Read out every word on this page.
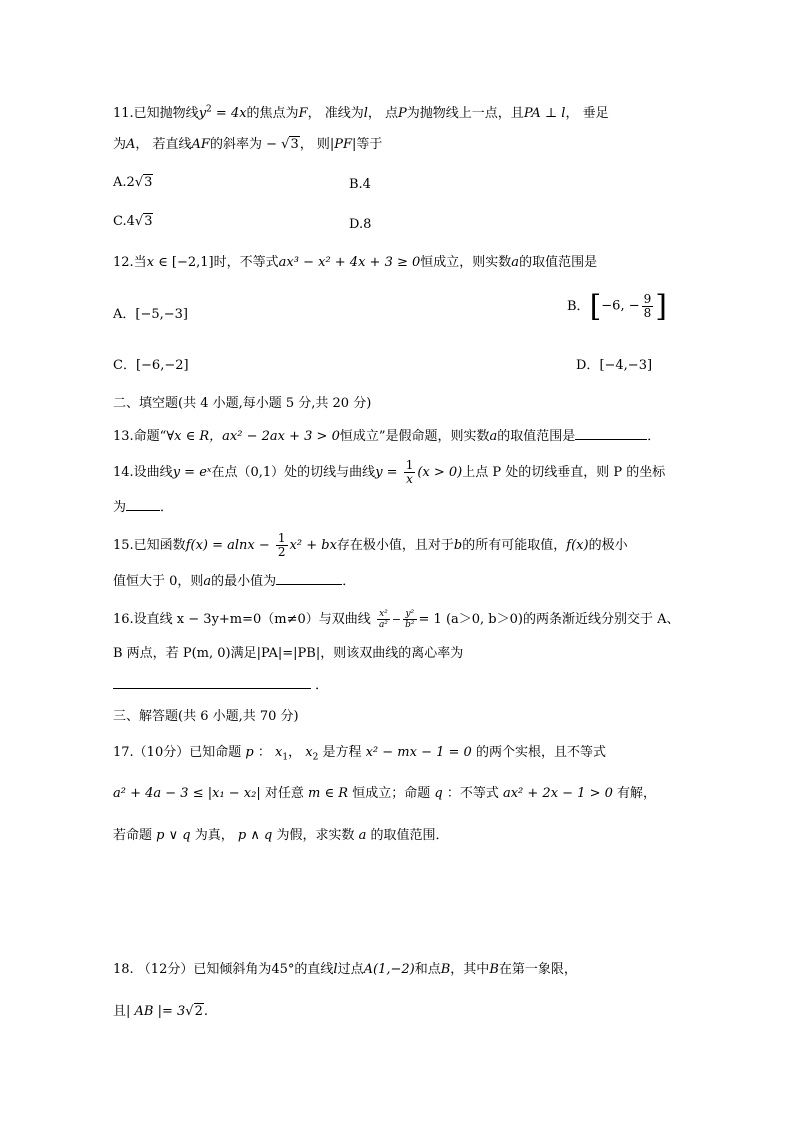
11.已知抛物线$y^2 = 4x$的焦点为F， 准线为l， 点P为抛物线上一点，且PA ⊥ l， 垂足
为A， 若直线AF的斜率为 − √3， 则|PF|等于
A.2√3	B.4
C.4√3	D.8
12.当x ∈ [−2,1]时，不等式ax³ − x² + 4x + 3 ≥ 0恒成立，则实数a的取值范围是
A．[−5,−3]
B．[−6, − $\frac{9}{8}$ ]
C．[−6,−2]	D．[−4,−3]
二、填空题(共 4 小题,每小题 5 分,共 20 分)
13.命题“∀x ∈ R，ax² − 2ax + 3 > 0恒成立”是假命题，则实数a的取值范围是	．
14.设曲线y = eˣ在点（0,1）处的切线与曲线$y = \frac{1}{x} (x > 0)$上点 P 处的切线垂直，则 P 的坐标
为	．
15.已知函数$f(x) = alnx - \frac{1}{2} x^2$ + bx存在极小值，且对于b的所有可能取值，f(x)的极小
值恒大于 0，则a的最小值为	．
16.设直线 x − 3y+m=0（m≠0）与双曲线 $\frac{\text{x²}}{\text{a²}} - \frac{\text{y²}}{\text{b²}} = 1$ (a＞0, b＞0)的两条渐近线分别交于 A、
B 两点，若 P(m, 0)满足|PA|=|PB|，则该双曲线的离心率为
．
三、解答题(共 6 小题,共 70 分)
17.（10分）已知命题 p ： $x_1$， $x_2$ 是方程 x² − mx − 1 = 0 的两个实根，且不等式
a² + 4a − 3 ≤ |x₁ − x₂| 对任意 m ∈ R 恒成立；命题 q ：不等式 ax² + 2x − 1 > 0 有解，
若命题 p ∨ q 为真， p ∧ q 为假，求实数 a 的取值范围．
18. （12分）已知倾斜角为45°的直线l过点A(1,−2)和点B，其中B在第一象限，
且| AB |= 3√2.
